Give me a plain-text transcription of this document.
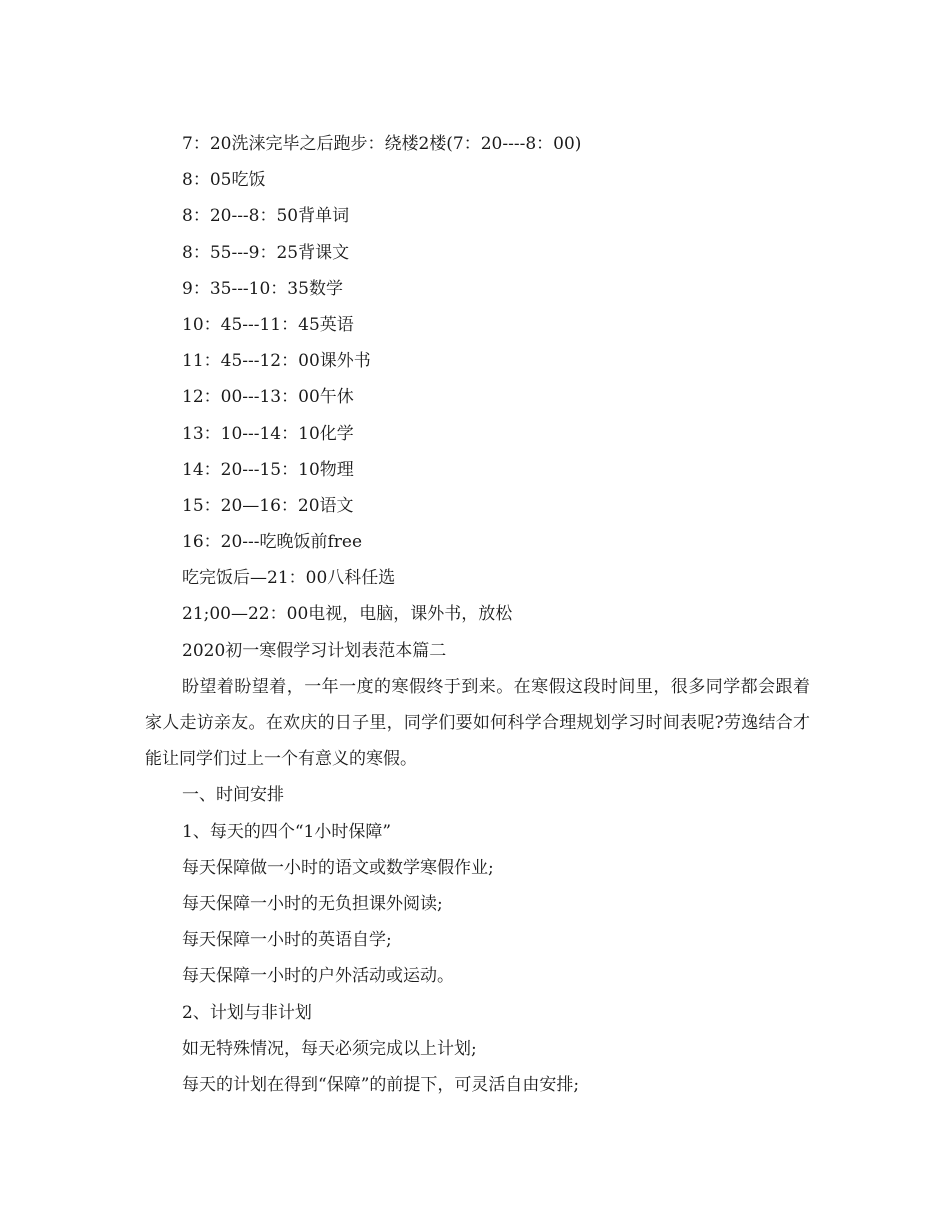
7：20洗涞完毕之后跑步：绕楼2楼(7：20----8：00)
8：05吃饭
8：20---8：50背单词
8：55---9：25背课文
9：35---10：35数学
10：45---11：45英语
11：45---12：00课外书
12：00---13：00午休
13：10---14：10化学
14：20---15：10物理
15：20—16：20语文
16：20---吃晚饭前free
吃完饭后—21：00八科任选
21;00—22：00电视，电脑，课外书，放松
2020初一寒假学习计划表范本篇二

盼望着盼望着，一年一度的寒假终于到来。在寒假这段时间里，很多同学都会跟着家人走访亲友。在欢庆的日子里，同学们要如何科学合理规划学习时间表呢?劳逸结合才能让同学们过上一个有意义的寒假。

一、时间安排
1、每天的四个“1小时保障”
每天保障做一小时的语文或数学寒假作业;
每天保障一小时的无负担课外阅读;
每天保障一小时的英语自学;
每天保障一小时的户外活动或运动。
2、计划与非计划
如无特殊情况，每天必须完成以上计划;
每天的计划在得到“保障”的前提下，可灵活自由安排;
